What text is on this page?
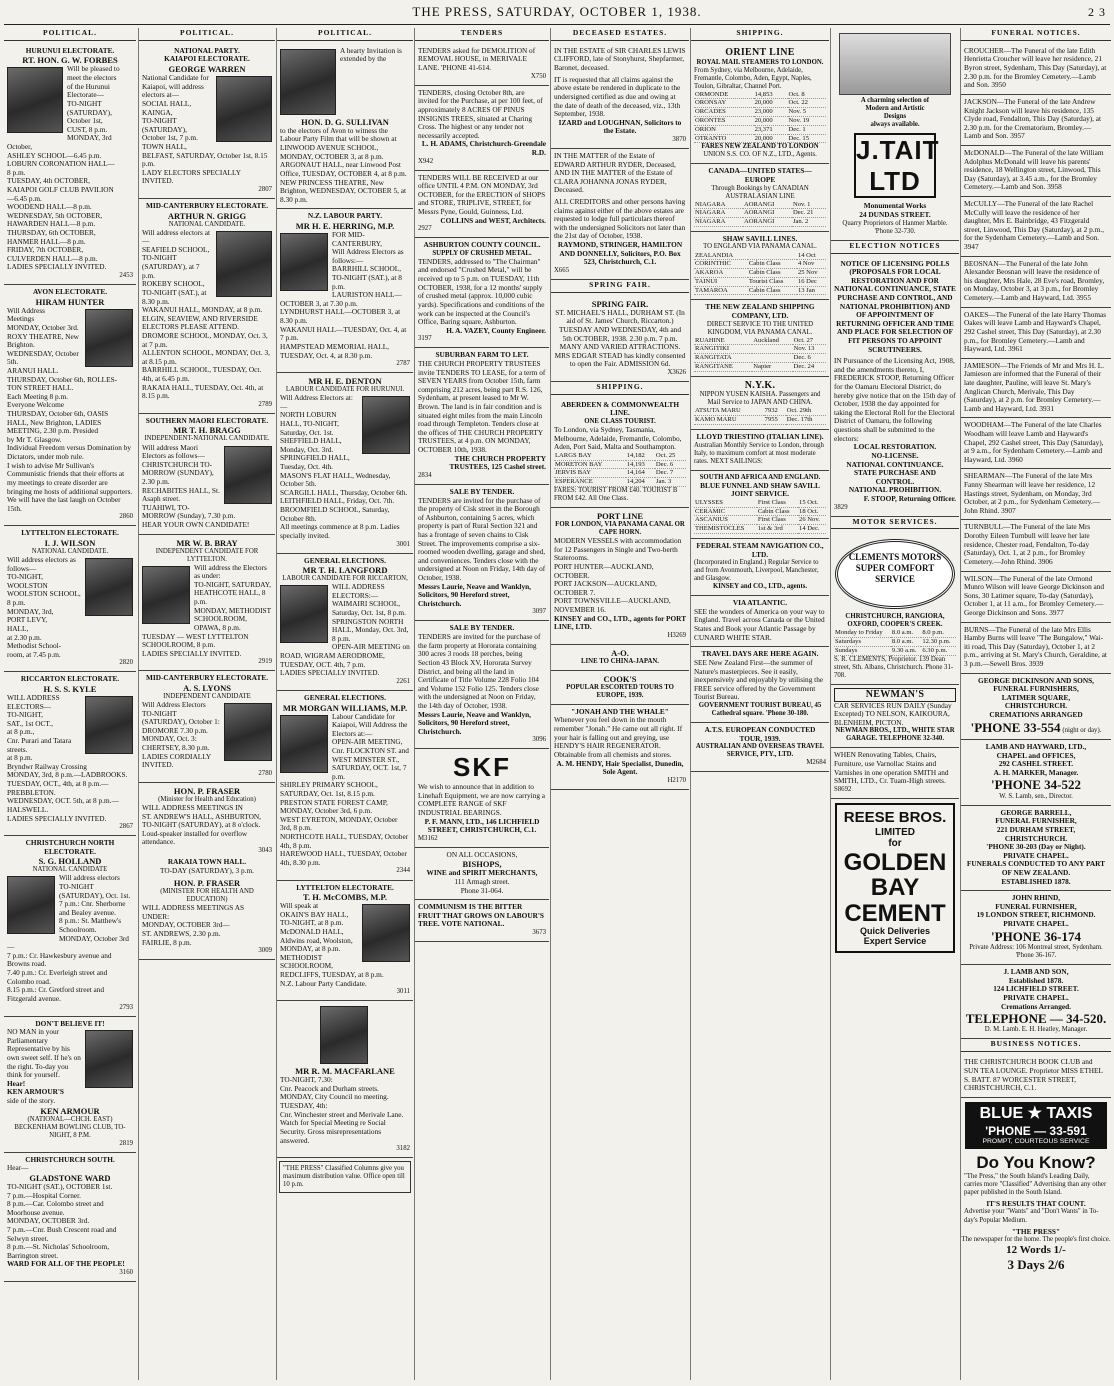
THE PRESS, SATURDAY, OCTOBER 1, 1938.	2 3
POLITICAL.
HURUNUI ELECTORATE.
RT. HON. G. W. FORBES
Will be pleased to
meet the electors
of the Hurunui
Electorate—
TO-NIGHT (SATURDAY), October 1st,
CUST, 8 p.m.
MONDAY, 3rd October,
ASHLEY SCHOOL—6.45 p.m.
LOBURN CORONATION HALL—
8 p.m.
TUESDAY, 4th OCTOBER,
KAIAPOI GOLF CLUB PAVILION
—6.45 p.m.
WOODEND HALL—8 p.m.
WEDNESDAY, 5th OCTOBER,
HAWARDEN HALL—8 p.m.
THURSDAY, 6th OCTOBER,
HANMER HALL—8 p.m.
FRIDAY, 7th OCTOBER,
CULVERDEN HALL—8 p.m.
LADIES SPECIALLY INVITED.
2453
AVON ELECTORATE.
HIRAM HUNTER
Will Address
Meetings
MONDAY, October 3rd.
ROXY THEATRE, New Brighton.
WEDNESDAY, October 5th.
ARANUI HALL.
THURSDAY, October 6th, ROLLES-
TON STREET HALL.
Each Meeting 8 p.m.
Everyone Welcome
THURSDAY, October 6th, OASIS
HALL, New Brighton, LADIES
MEETING, 2.30 p.m. Presided
by Mr T. Glasgow.
Individual Freedom versus Domination by Dictators, under mob rule.
I wish to advise Mr Sullivan's Communistic friends that their efforts at my meetings to create disorder are bringing me hosts of additional supporters.
We will have the last laugh on October 15th.
2860
LYTTELTON ELECTORATE.
I. J. WILSON
NATIONAL CANDIDATE.
Will address electors as follows—
TO-NIGHT,
WOOLSTON
WOOLSTON SCHOOL,
8 p.m.
MONDAY, 3rd,
PORT LEVY,
HALL,
at 2.30 p.m.
Methodist School-
room, at 7.45 p.m.
2820
RICCARTON ELECTORATE.
H. S. S. KYLE
WILL ADDRESS ELECTORS—
TO-NIGHT,
SAT., 1st OCT.,
at 8 p.m.,
Cnr. Purari and Tatara streets.
at 8 p.m.
Bryndwr Railway Crossing
MONDAY, 3rd, 8 p.m.—LADBROOKS.
TUESDAY, OCT., 4th, at 8 p.m.—PREBBLETON.
WEDNESDAY, OCT. 5th, at 8 p.m.—HALSWELL.
LADIES SPECIALLY INVITED.
2867
CHRISTCHURCH NORTH ELECTORATE.
S. G. HOLLAND
NATIONAL CANDIDATE
Will address electors
TO-NIGHT (SATURDAY), Oct. 1st.
7 p.m.: Cnr. Sherborne and Bealey avenue.
8 p.m.: St. Matthew's Schoolroom.
MONDAY, October 3rd—
7 p.m.: Cr. Hawkesbury avenue and Browns road.
7.40 p.m.: Cr. Everleigh street and Colombo road.
8.15 p.m.: Cr. Gretford street and Fitzgerald avenue.
2793
DON'T BELIEVE IT!
NO MAN in your Parliamentary Representative by his own sweet self. If he's on the right. To-day you think for yourself.
Hear!
KEN ARMOUR'S
side of the story.
KEN ARMOUR
(NATIONAL—CHCH. EAST)
BECKENHAM BOWLING CLUB, TO-NIGHT, 8 P.M.
2819
CHRISTCHURCH SOUTH.
Hear—
GLADSTONE WARD
TO-NIGHT (SAT.), OCTOBER 1st.
7 p.m.—Hospital Corner.
8 p.m.—Car. Colombo street and Moorhouse avenue.
MONDAY, OCTOBER 3rd.
7 p.m.—Cnr. Bush Crescent road and Selwyn street.
8 p.m.—St. Nicholas' Schoolroom, Barrington street.
WARD FOR ALL OF THE PEOPLE!
3160
POLITICAL.
NATIONAL PARTY.
KAIAPOI ELECTORATE.
GEORGE WARREN
National Candidate for Kaiapoi, will address electors at—
SOCIAL HALL, KAINGA,
TO-NIGHT (SATURDAY), October 1st, 7 p.m.
TOWN HALL, BELFAST, SATURDAY, October 1st, 8.15 p.m.
LADY ELECTORS SPECIALLY INVITED.
2807
MID-CANTERBURY ELECTORATE.
ARTHUR N. GRIGG
NATIONAL CANDIDATE.
Will address electors at—
SEAFIELD SCHOOL,
TO-NIGHT (SATURDAY), at 7 p.m.
ROKEBY SCHOOL, TO-NIGHT (SAT.), at 8.30 p.m.
WAKANUI HALL, MONDAY, at 8 p.m.
ELGIN, SEAVIEW, AND RIVERSIDE ELECTORS PLEASE ATTEND.
DROMORE SCHOOL, MONDAY, Oct. 3, at 7 p.m.
ALLENTON SCHOOL, MONDAY, Oct. 3, at 8.15 p.m.
BARRHILL SCHOOL, TUESDAY, Oct. 4th, at 6.45 p.m.
RAKAIA HALL, TUESDAY, Oct. 4th, at 8.15 p.m.
2789
SOUTHERN MAORI ELECTORATE.
MR T. H. BRAGG
INDEPENDENT-NATIONAL CANDIDATE.
Will address Maori Electors as follows—
CHRISTCHURCH TO-MORROW (SUNDAY), 2.30 p.m.
RECHABITES HALL, St. Asaph street.
TUAHIWI, TO-MORROW (Sunday), 7.30 p.m.
HEAR YOUR OWN CANDIDATE!
MR W. B. BRAY
INDEPENDENT CANDIDATE FOR LYTTELTON.
Will address the Electors as under:
TO-NIGHT, SATURDAY, HEATHCOTE HALL, 8 p.m.
MONDAY, METHODIST SCHOOLROOM, OPAWA, 8 p.m.
TUESDAY — WEST LYTTELTON SCHOOLROOM, 8 p.m.
LADIES SPECIALLY INVITED.
2919
MID-CANTERBURY ELECTORATE.
A. S. LYONS
INDEPENDENT CANDIDATE
Will Address Electors
TO-NIGHT (SATURDAY), October 1:
DROMORE 7.30 p.m.
MONDAY, Oct. 3: CHERTSEY, 8.30 p.m.
LADIES CORDIALLY INVITED.
2780
HON. P. FRASER
(Minister for Health and Education)
WILL ADDRESS MEETINGS IN
ST. ANDREW'S HALL, ASHBURTON,
TO-NIGHT (SATURDAY), at 8 o'clock.
Loud-speaker installed for overflow attendance.
3043
RAKAIA TOWN HALL.
TO-DAY (SATURDAY), 3 p.m.
HON. P. FRASER
(MINISTER FOR HEALTH AND EDUCATION)
WILL ADDRESS MEETINGS AS UNDER:
MONDAY, OCTOBER 3rd—
ST. ANDREWS, 2.30 p.m.
FAIRLIE, 8 p.m.
3009
POLITICAL.
A hearty Invitation is extended by the
HON. D. G. SULLIVAN
to the electors of Avon to witness the Labour Party Film that will be shown at
LINWOOD AVENUE SCHOOL, MONDAY, OCTOBER 3, at 8 p.m.
ARGONAUT HALL, near Linwood Post Office, TUESDAY, OCTOBER 4, at 8 p.m.
NEW PRINCESS THEATRE, New Brighton, WEDNESDAY, OCTOBER 5, at 8.30 p.m.
N.Z. LABOUR PARTY.
MR H. E. HERRING, M.P.
FOR MID-CANTERBURY,
Will Address Electors as follows:—
BARRHILL SCHOOL, TO-NIGHT (SAT.), at 8 p.m.
LAURISTON HALL—OCTOBER 3, at 7.30 p.m.
LYNDHURST HALL—OCTOBER 3, at 8.30 p.m.
WAKANUI HALL—TUESDAY, Oct. 4, at 7 p.m.
HAMPSTEAD MEMORIAL HALL, TUESDAY, Oct. 4, at 8.30 p.m.
2787
MR H. E. DENTON
LABOUR CANDIDATE FOR HURUNUI.
Will Address Electors at:—
NORTH LOBURN HALL, TO-NIGHT, Saturday, Oct. 1st.
SHEFFIELD HALL, Monday, Oct. 3rd.
SPRINGFIELD HALL, Tuesday, Oct. 4th.
MASON'S FLAT HALL, Wednesday, October 5th.
SCARGILL HALL, Thursday, October 6th.
LEITHFIELD HALL, Friday, Oct. 7th.
BROOMFIELD SCHOOL, Saturday, October 8th.
All meetings commence at 8 p.m. Ladies specially invited.
3001
GENERAL ELECTIONS.
MR T. H. LANGFORD
LABOUR CANDIDATE FOR RICCARTON,
WILL ADDRESS ELECTORS:—
WAIMAIRI SCHOOL, Saturday, Oct. 1st, 8 p.m.
SPRINGSTON NORTH HALL, Monday, Oct. 3rd, 8 p.m.
OPEN-AIR MEETING on ROAD, WIGRAM AERODROME, TUESDAY, OCT. 4th, 7 p.m.
LADIES SPECIALLY INVITED.
2261
GENERAL ELECTIONS.
MR MORGAN WILLIAMS, M.P.
Labour Candidate for Kaiapoi, Will Address the Electors at:—
OPEN-AIR MEETING,
Cnr. FLOCKTON ST. and WEST MINSTER ST.,
SATURDAY, OCT. 1st, 7 p.m.
SHIRLEY PRIMARY SCHOOL, SATURDAY, Oct. 1st, 8.15 p.m.
PRESTON STATE FOREST CAMP, MONDAY, October 3rd, 6 p.m.
WEST EYRETON, MONDAY, October 3rd, 8 p.m.
NORTHCOTE HALL, TUESDAY, October 4th, 8 p.m.
HAREWOOD HALL, TUESDAY, October 4th, 8.30 p.m.
2344
LYTTELTON ELECTORATE.
T. H. McCOMBS, M.P.
Will speak at
OKAIN'S BAY HALL, TO-NIGHT, at 8 p.m.
McDONALD HALL, Aldwins road, Woolston, MONDAY, at 8 p.m.
METHODIST SCHOOLROOM, REDCLIFFS, TUESDAY, at 8 p.m.
N.Z. Labour Party Candidate.
3011
MR R. M. MACFARLANE
TO-NIGHT, 7.30:
Cnr. Peacock and Durham streets.
MONDAY, City Council no meeting.
TUESDAY, 4th:
Cnr. Winchester street and Merivale Lane.
Watch for Special Meeting re Social Security. Gross misrepresentations answered.
3182
"THE PRESS" Classified Columns give you maximum distribution value. Office open till 10 p.m.
TENDERS
TENDERS asked for DEMOLITION of REMOVAL HOUSE, in MERIVALE LANE. 'PHONE 41-614.
X750
TENDERS, closing October 8th, are invited for the Purchase, at per 100 feet, of approximately 8 ACRES OF PINUS INSIGNIS TREES, situated at Charing Cross. The highest or any tender not necessarily accepted.
L. H. ADAMS, Christchurch-Greendale R.D.
X942
TENDERS WILL BE RECEIVED at our office UNTIL 4 P.M. ON MONDAY, 3rd OCTOBER, for the ERECTION of SHOPS and STORE, TRIPLIVE, STREET, for Messrs Pyne, Gould, Guinness, Ltd.
COLLINS and WEST, Architects.
2927
ASHBURTON COUNTY COUNCIL.
SUPPLY OF CRUSHED METAL.
TENDERS, addressed to "The Chairman" and endorsed "Crushed Metal," will be received up to 5 p.m. on TUESDAY, 11th OCTOBER, 1938, for a 12 months' supply of crushed metal (approx. 10,000 cubic yards). Specifications and conditions of the work can be inspected at the Council's Office, Baring square, Ashburton.
H. A. VAZEY, County Engineer.
3197
SUBURBAN FARM TO LET.
THE CHURCH PROPERTY TRUSTEES invite TENDERS TO LEASE, for a term of SEVEN YEARS from October 15th, farm comprising 212 acres, being part R.S. 126, Sydenham, at present leased to Mr W. Brown. The land is in fair condition and is situated eight miles from the main Lincoln road through Templeton. Tenders close at the offices of THE CHURCH PROPERTY TRUSTEES, at 4 p.m. ON MONDAY, OCTOBER 10th, 1938.
THE CHURCH PROPERTY TRUSTEES, 125 Cashel street.
2834
SALE BY TENDER.
TENDERS are invited for the purchase of the property of Cisk street in the Borough of Ashburton, containing 5 acres, which property is part of Rural Section 321 and has a frontage of seven chains to Cisk Street. The improvements comprise a six-roomed wooden dwelling, garage and shed, and conveniences. Tenders close with the undersigned at Noon on Friday, 14th day of October, 1938.
Messrs Laurie, Neave and Wanklyn, Solicitors, 90 Hereford street, Christchurch.
3097
SALE BY TENDER.
TENDERS are invited for the purchase of the farm property at Hororata containing 300 acres 3 roods 18 perches, being Section 43 Block XV, Hororata Survey District, and being all the land in Certificate of Title Volume 228 Folio 104 and Volume 152 Folio 125. Tenders close with the undersigned at Noon on Friday, the 14th day of October, 1938.
Messrs Laurie, Neave and Wanklyn, Solicitors, 90 Hereford street, Christchurch.
3096
SKF
We wish to announce that in addition to Linehaft Equipment, we are now carrying a COMPLETE RANGE of SKF INDUSTRIAL BEARINGS.
P. F. MANN, LTD., 146 LICHFIELD STREET, CHRISTCHURCH, C.1.
M3162
ON ALL OCCASIONS,
BISHOPS,
WINE and SPIRIT MERCHANTS,
111 Armagh street.
Phone 31-064.
COMMUNISM IS THE BITTER FRUIT THAT GROWS ON LABOUR'S TREE. VOTE NATIONAL.
3673
DECEASED ESTATES.
IN THE ESTATE of SIR CHARLES LEWIS CLIFFORD, late of Stonyhurst, Shepfarmer, Baronet, deceased.
IT is requested that all claims against the above estate be rendered in duplicate to the undersigned certified as due and owing at the date of death of the deceased, viz., 13th September, 1938.
IZARD and LOUGHNAN, Solicitors to the Estate.
3870
IN THE MATTER of the Estate of EDWARD ARTHUR RYDER, Deceased, AND IN THE MATTER of the Estate of CLARA JOHANNA JONAS RYDER, Deceased.
ALL CREDITORS and other persons having claims against either of the above estates are requested to lodge full particulars thereof with the undersigned Solicitors not later than the 21st day of October, 1938.
RAYMOND, STRINGER, HAMILTON AND DONNELLY, Solicitors, P.O. Box 523, Christchurch, C.1.
X665
SPRING FAIR.
SPRING FAIR.
ST. MICHAEL'S HALL, DURHAM ST. (In aid of St. James' Church, Riccarton.) TUESDAY AND WEDNESDAY, 4th and 5th OCTOBER, 1938. 2.30 p.m. 7 p.m. MANY AND VARIED ATTRACTIONS. MRS EDGAR STEAD has kindly consented to open the Fair. ADMISSION 6d.
X3626
SHIPPING.
ABERDEEN & COMMONWEALTH LINE.
ONE CLASS TOURIST.
To London, via Sydney, Tasmania, Melbourne, Adelaide, Fremantle, Colombo, Aden, Port Said, Malta and Southampton.
LARGS BAY	14,182	Oct. 25
MORETON BAY	14,193	Dec. 6
JERVIS BAY	14,164	Dec. 7
ESPERANCE	14,204	Jan. 3
FARES: TOURIST FROM £40. TOURIST B FROM £42. All One Class.
PORT LINE
FOR LONDON, VIA PANAMA CANAL OR CAPE HORN.
MODERN VESSELS with accommodation for 12 Passengers in Single and Two-berth Staterooms.
PORT HUNTER—AUCKLAND, OCTOBER.
PORT JACKSON—AUCKLAND, OCTOBER 7.
PORT TOWNSVILLE—AUCKLAND, NOVEMBER 16.
KINSEY and CO., LTD., agents for PORT LINE, LTD.
H3269
A-O.
LINE TO CHINA-JAPAN.
COOK'S
POPULAR ESCORTED TOURS TO EUROPE, 1939.
"JONAH AND THE WHALE"
Whenever you feel down in the mouth remember "Jonah." He came out all right. If your hair is falling out and greying, use HENDY'S HAIR REGENERATOR. Obtainable from all chemists and stores.
A. M. HENDY, Hair Specialist, Dunedin, Sole Agent.
H2170
SHIPPING.
ORIENT LINE
ROYAL MAIL STEAMERS TO LONDON.
From Sydney, via Melbourne, Adelaide, Fremantle, Colombo, Aden, Egypt, Naples, Toulon, Gibraltar, Channel Port.
ORMONDE	14,853	Oct. 8
ORONSAY	20,000	Oct. 22
ORCADES	23,000	Nov. 5
ORONTES	20,000	Nov. 19
ORION	23,371	Dec. 1
OTRANTO	20,000	Dec. 15
FARES NEW ZEALAND TO LONDON
UNION S.S. CO. OF N.Z., LTD., Agents.
CANADA—UNITED STATES—EUROPE
Through Bookings by CANADIAN AUSTRALASIAN LINE
NIAGARA	AORANGI	Nov. 1
NIAGARA	AORANGI	Dec. 21
NIAGARA	AORANGI	Jan. 2
SHAW SAVILL LINES.
TO ENGLAND VIA PANAMA CANAL.
ZEALANDIA		14 Oct
CORINTHIC	Cabin Class	4 Nov
AKAROA	Cabin Class	25 Nov
TAINUI	Tourist Class	16 Dec
TAMAROA	Cabin Class	13 Jan
THE NEW ZEALAND SHIPPING COMPANY, LTD.
DIRECT SERVICE TO THE UNITED KINGDOM, VIA PANAMA CANAL.
RUAHINE	Auckland	Oct. 27
RANGITIKI		Nov. 13
RANGITATA		Dec. 6
RANGITANE	Napier	Dec. 24
N.Y.K.
NIPPON YUSEN KAISHA. Passengers and Mail Service to JAPAN AND CHINA.
ATSUTA MARU	7932	Oct. 29th
KAMO MARU	7955	Dec. 17th
LLOYD TRIESTINO (ITALIAN LINE).
Australian Monthly Service to London, through Italy, to maximum comfort at most moderate rates. NEXT SAILINGS:
SOUTH AND AFRICA AND ENGLAND.
BLUE FUNNEL AND SHAW SAVILL JOINT SERVICE.
ULYSSES	First Class	15 Oct.
CERAMIC	Cabin Class	18 Oct.
ASCANIUS	First Class	26 Nov.
THEMISTOCLES	1st & 3rd	14 Dec.
FEDERAL STEAM NAVIGATION CO., LTD.
(Incorporated in England.) Regular Service to and from Avonmouth, Liverpool, Manchester, and Glasgow.
KINSEY and CO., LTD., agents.
VIA ATLANTIC.
SEE the wonders of America on your way to England. Travel across Canada or the United States and Book your Atlantic Passage by CUNARD WHITE STAR.
TRAVEL DAYS ARE HERE AGAIN.
SEE New Zealand First—the summer of Nature's masterpieces. See it easily, inexpensively and enjoyably by utilising the FREE service offered by the Government Tourist Bureau.
GOVERNMENT TOURIST BUREAU, 45 Cathedral square. 'Phone 30-180.
A.T.S. EUROPEAN CONDUCTED TOUR, 1939.
AUSTRALIAN AND OVERSEAS TRAVEL SERVICE, PTY., LTD.
M2684
A charming selection of
Modern and Artistic
Designs
always available.
J.TAIT LTD
Monumental Works
24 DUNDAS STREET.
Quarry Proprietors of Hanmer Marble. 'Phone 32-730.
ELECTION NOTICES
NOTICE OF LICENSING POLLS (PROPOSALS FOR LOCAL RESTORATION AND FOR NATIONAL CONTINUANCE, STATE PURCHASE AND CONTROL, AND NATIONAL PROHIBITION) AND OF APPOINTMENT OF RETURNING OFFICER AND TIME AND PLACE FOR SELECTION OF FIT PERSONS TO APPOINT SCRUTINEERS.
IN Pursuance of the Licensing Act, 1908, and the amendments thereto, I, FREDERICK STOOP, Returning Officer for the Oamaru Electoral District, do hereby give notice that on the 15th day of October, 1938 the day appointed for taking the Electoral Roll for the Electoral District of Oamaru, the following questions shall be submitted to the electors:
LOCAL RESTORATION.
NO-LICENSE.
NATIONAL CONTINUANCE.
STATE PURCHASE AND CONTROL.
NATIONAL PROHIBITION.
F. STOOP, Returning Officer.
3829
MOTOR SERVICES.
CLEMENTS MOTORS
SUPER COMFORT
SERVICE
CHRISTCHURCH, RANGIORA, OXFORD, COOPER'S CREEK.
Monday to Friday	8.0 a.m.	8.0 p.m.
Saturdays	8.0 a.m.	12.30 p.m.
Sundays	9.30 a.m.	6.30 p.m.
S. R. CLEMENTS, Proprietor. 139 Dean street, Sth. Albans, Christchurch. Phone 31-708.
NEWMAN'S
CAR SERVICES RUN DAILY (Sunday Excepted) TO NELSON, KAIKOURA, BLENHEIM, PICTON.
NEWMAN BROS., LTD., WHITE STAR GARAGE. TELEPHONE 32-340.
WHEN Renovating Tables, Chairs, Furniture, use Varnollac Stains and Varnishes in one operation SMITH and SMITH, LTD., Cr. Tuam-High streets.
S8692
REESE BROS.
LIMITED
for
GOLDEN
BAY
CEMENT
Quick Deliveries
Expert Service
FUNERAL NOTICES.
CROUCHER—The Funeral of the late Edith Henrietta Croucher will leave her residence, 21 Byron street, Sydenham, This Day (Saturday), at 2.30 p.m. for the Bromley Cemetery.—Lamb and Son. 3950
JACKSON—The Funeral of the late Andrew Knight Jackson will leave his residence, 135 Clyde road, Fendalton, This Day (Saturday), at 2.30 p.m. for the Crematorium, Bromley.—Lamb and Son. 3957
McDONALD—The Funeral of the late William Adolphus McDonald will leave his parents' residence, 18 Wellington street, Linwood, This Day (Saturday), at 3.45 a.m., for the Bromley Cemetery.—Lamb and Son. 3958
McCULLY—The Funeral of the late Rachel McCully will leave the residence of her daughter, Mrs E. Bainbridge, 43 Fitzgerald street, Linwood, This Day (Saturday), at 2 p.m., for the Sydenham Cemetery.—Lamb and Son. 3947
BEOSNAN—The Funeral of the late John Alexander Beosnan will leave the residence of his daughter, Mrs Hale, 28 Eve's road, Bromley, on Monday, October 3, at 3 p.m., for Bromley Cemetery.—Lamb and Hayward, Ltd. 3955
OAKES—The Funeral of the late Harry Thomas Oakes will leave Lamb and Hayward's Chapel, 292 Cashel street, This Day (Saturday), at 2.30 p.m., for Bromley Cemetery.—Lamb and Hayward, Ltd. 3961
JAMIESON—The Friends of Mr and Mrs H. L. Jamieson are informed that the Funeral of their late daughter, Pauline, will leave St. Mary's Anglican Church, Merivale, This Day (Saturday), at 2 p.m. for Bromley Cemetery.—Lamb and Hayward, Ltd. 3931
WOODHAM—The Funeral of the late Charles Woodham will leave Lamb and Hayward's Chapel, 292 Cashel street, This Day (Saturday), at 9 a.m., for Sydenham Cemetery.—Lamb and Hayward, Ltd. 3960
SHEARMAN—The Funeral of the late Mrs Fanny Shearman will leave her residence, 12 Hastings street, Sydenham, on Monday, 3rd October, at 2 p.m., for Sydenham Cemetery.—John Rhind. 3907
TURNBULL—The Funeral of the late Mrs Dorothy Eileen Turnbull will leave her late residence, Chester road, Fendalton, To-day (Saturday), Oct. 1, at 2 p.m., for Bromley Cemetery.—John Rhind. 3906
WILSON—The Funeral of the late Ormond Munro Wilson will leave George Dickinson and Sons, 30 Latimer square, To-day (Saturday), October 1, at 11 a.m., for Bromley Cemetery.—George Dickinson and Sons. 3977
BURNS—The Funeral of the late Mrs Ellis Hamby Burns will leave "The Bungalow," Wai-iti road, This Day (Saturday), October 1, at 2 p.m., arriving at St. Mary's Church, Geraldine, at 3 p.m.—Sewell Bros. 3939
GEORGE DICKINSON AND SONS,
FUNERAL FURNISHERS,
LATIMER SQUARE,
CHRISTCHURCH.
CREMATIONS ARRANGED
'PHONE 33-554 (night or day).
LAMB AND HAYWARD, LTD.,
CHAPEL and OFFICES,
292 CASHEL STREET.
A. H. MARKER, Manager.
'PHONE 34-522
W. S. Lamb, sen., Director.
GEORGE BARRELL,
FUNERAL FURNISHER,
221 DURHAM STREET,
CHRISTCHURCH.
'PHONE 30-203 (Day or Night).
PRIVATE CHAPEL.
FUNERALS CONDUCTED TO ANY PART OF NEW ZEALAND.
ESTABLISHED 1878.
JOHN RHIND,
FUNERAL FURNISHER,
19 LONDON STREET, RICHMOND.
PRIVATE CHAPEL.
'PHONE 36-174
Private Address: 106 Montreal street, Sydenham. 'Phone 36-167.
J. LAMB AND SON,
Established 1878.
124 LICHFIELD STREET.
PRIVATE CHAPEL.
Cremations Arranged.
TELEPHONE — 34-520.
D. M. Lamb. E. H. Heatley, Manager.
BUSINESS NOTICES.
THE CHRISTCHURCH BOOK CLUB and SUN TEA LOUNGE. Proprietor MISS ETHEL S. BATT. 87 WORCESTER STREET, CHRISTCHURCH, C.1.
BLUE ★ TAXIS
'PHONE — 33-591
PROMPT, COURTEOUS SERVICE
Do You Know?
"The Press," the South Island's Leading Daily, carries more "Classified" Advertising than any other paper published in the South Island.
IT'S RESULTS THAT COUNT.
Advertise your "Wants" and "Don't Wants" in To-day's Popular Medium.
"THE PRESS"
The newspaper for the home. The people's first choice.
12 Words 1/-
3 Days 2/6
